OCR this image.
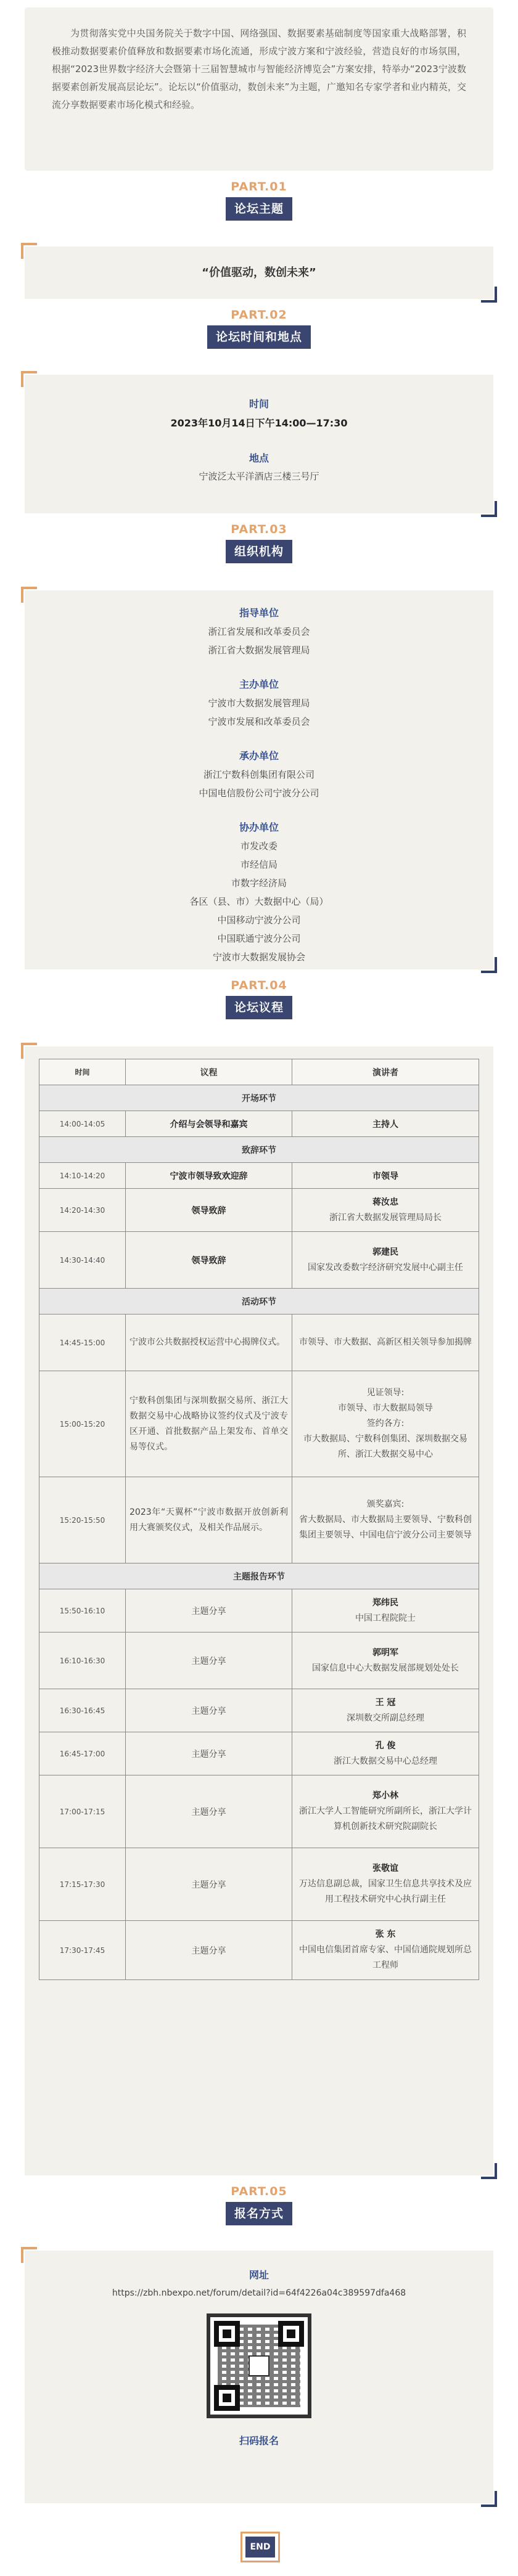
为贯彻落实党中央国务院关于数字中国、网络强国、数据要素基础制度等国家重大战略部署，积极推动数据要素价值释放和数据要素市场化流通，形成宁波方案和宁波经验，营造良好的市场氛围，根据“2023世界数字经济大会暨第十三届智慧城市与智能经济博览会”方案安排，特举办“2023宁波数据要素创新发展高层论坛”。论坛以“价值驱动，数创未来”为主题，广邀知名专家学者和业内精英，交流分享数据要素市场化模式和经验。

PART.01
论坛主题
“价值驱动，数创未来”
PART.02
论坛时间和地点
时间
2023年10月14日下午14:00—17:30
地点
宁波泛太平洋酒店三楼三号厅
PART.03
组织机构
指导单位
浙江省发展和改革委员会
浙江省大数据发展管理局
主办单位
宁波市大数据发展管理局
宁波市发展和改革委员会
承办单位
浙江宁数科创集团有限公司
中国电信股份公司宁波分公司
协办单位
市发改委
市经信局
市数字经济局
各区（县、市）大数据中心（局）
中国移动宁波分公司
中国联通宁波分公司
宁波市大数据发展协会
PART.04
论坛议程
时间	议程	演讲者
开场环节		
14:00-14:05	介绍与会领导和嘉宾	主持人
致辞环节		
14:10-14:20	宁波市领导致欢迎辞	市领导
14:20-14:30	领导致辞	蒋汝忠
浙江省大数据发展管理局局长

14:30-14:40	领导致辞	郭建民
国家发改委数字经济研究发展中心副主任

活动环节		
14:45-15:00	宁波市公共数据授权运营中心揭牌仪式。	市领导、市大数据、高新区相关领导参加揭牌
15:00-15:20	宁数科创集团与深圳数据交易所、浙江大数据交易中心战略协议签约仪式及宁波专区开通、首批数据产品上架发布、首单交易等仪式。	见证领导:
市领导、市大数据局领导
签约各方:
市大数据局、宁数科创集团、深圳数据交易所、浙江大数据交易中心
15:20-15:50	2023年“天翼杯”宁波市数据开放创新利用大赛颁奖仪式，及相关作品展示。	颁奖嘉宾:
省大数据局、市大数据局主要领导、宁数科创集团主要领导、中国电信宁波分公司主要领导
主题报告环节		
15:50-16:10	主题分享	郑纬民
中国工程院院士

16:10-16:30	主题分享	郭明军
国家信息中心大数据发展部规划处处长

16:30-16:45	主题分享	王 冠
深圳数交所副总经理

16:45-17:00	主题分享	孔 俊
浙江大数据交易中心总经理

17:00-17:15	主题分享	郑小林
浙江大学人工智能研究所副所长，浙江大学计算机创新技术研究院副院长

17:15-17:30	主题分享	张敬谊
万达信息副总裁，国家卫生信息共享技术及应用工程技术研究中心执行副主任

17:30-17:45	主题分享	张 东
中国电信集团首席专家、中国信通院规划所总工程师
PART.05
报名方式
网址
https://zbh.nbexpo.net/forum/detail?id=64f4226a04c389597dfa468
扫码报名
END
